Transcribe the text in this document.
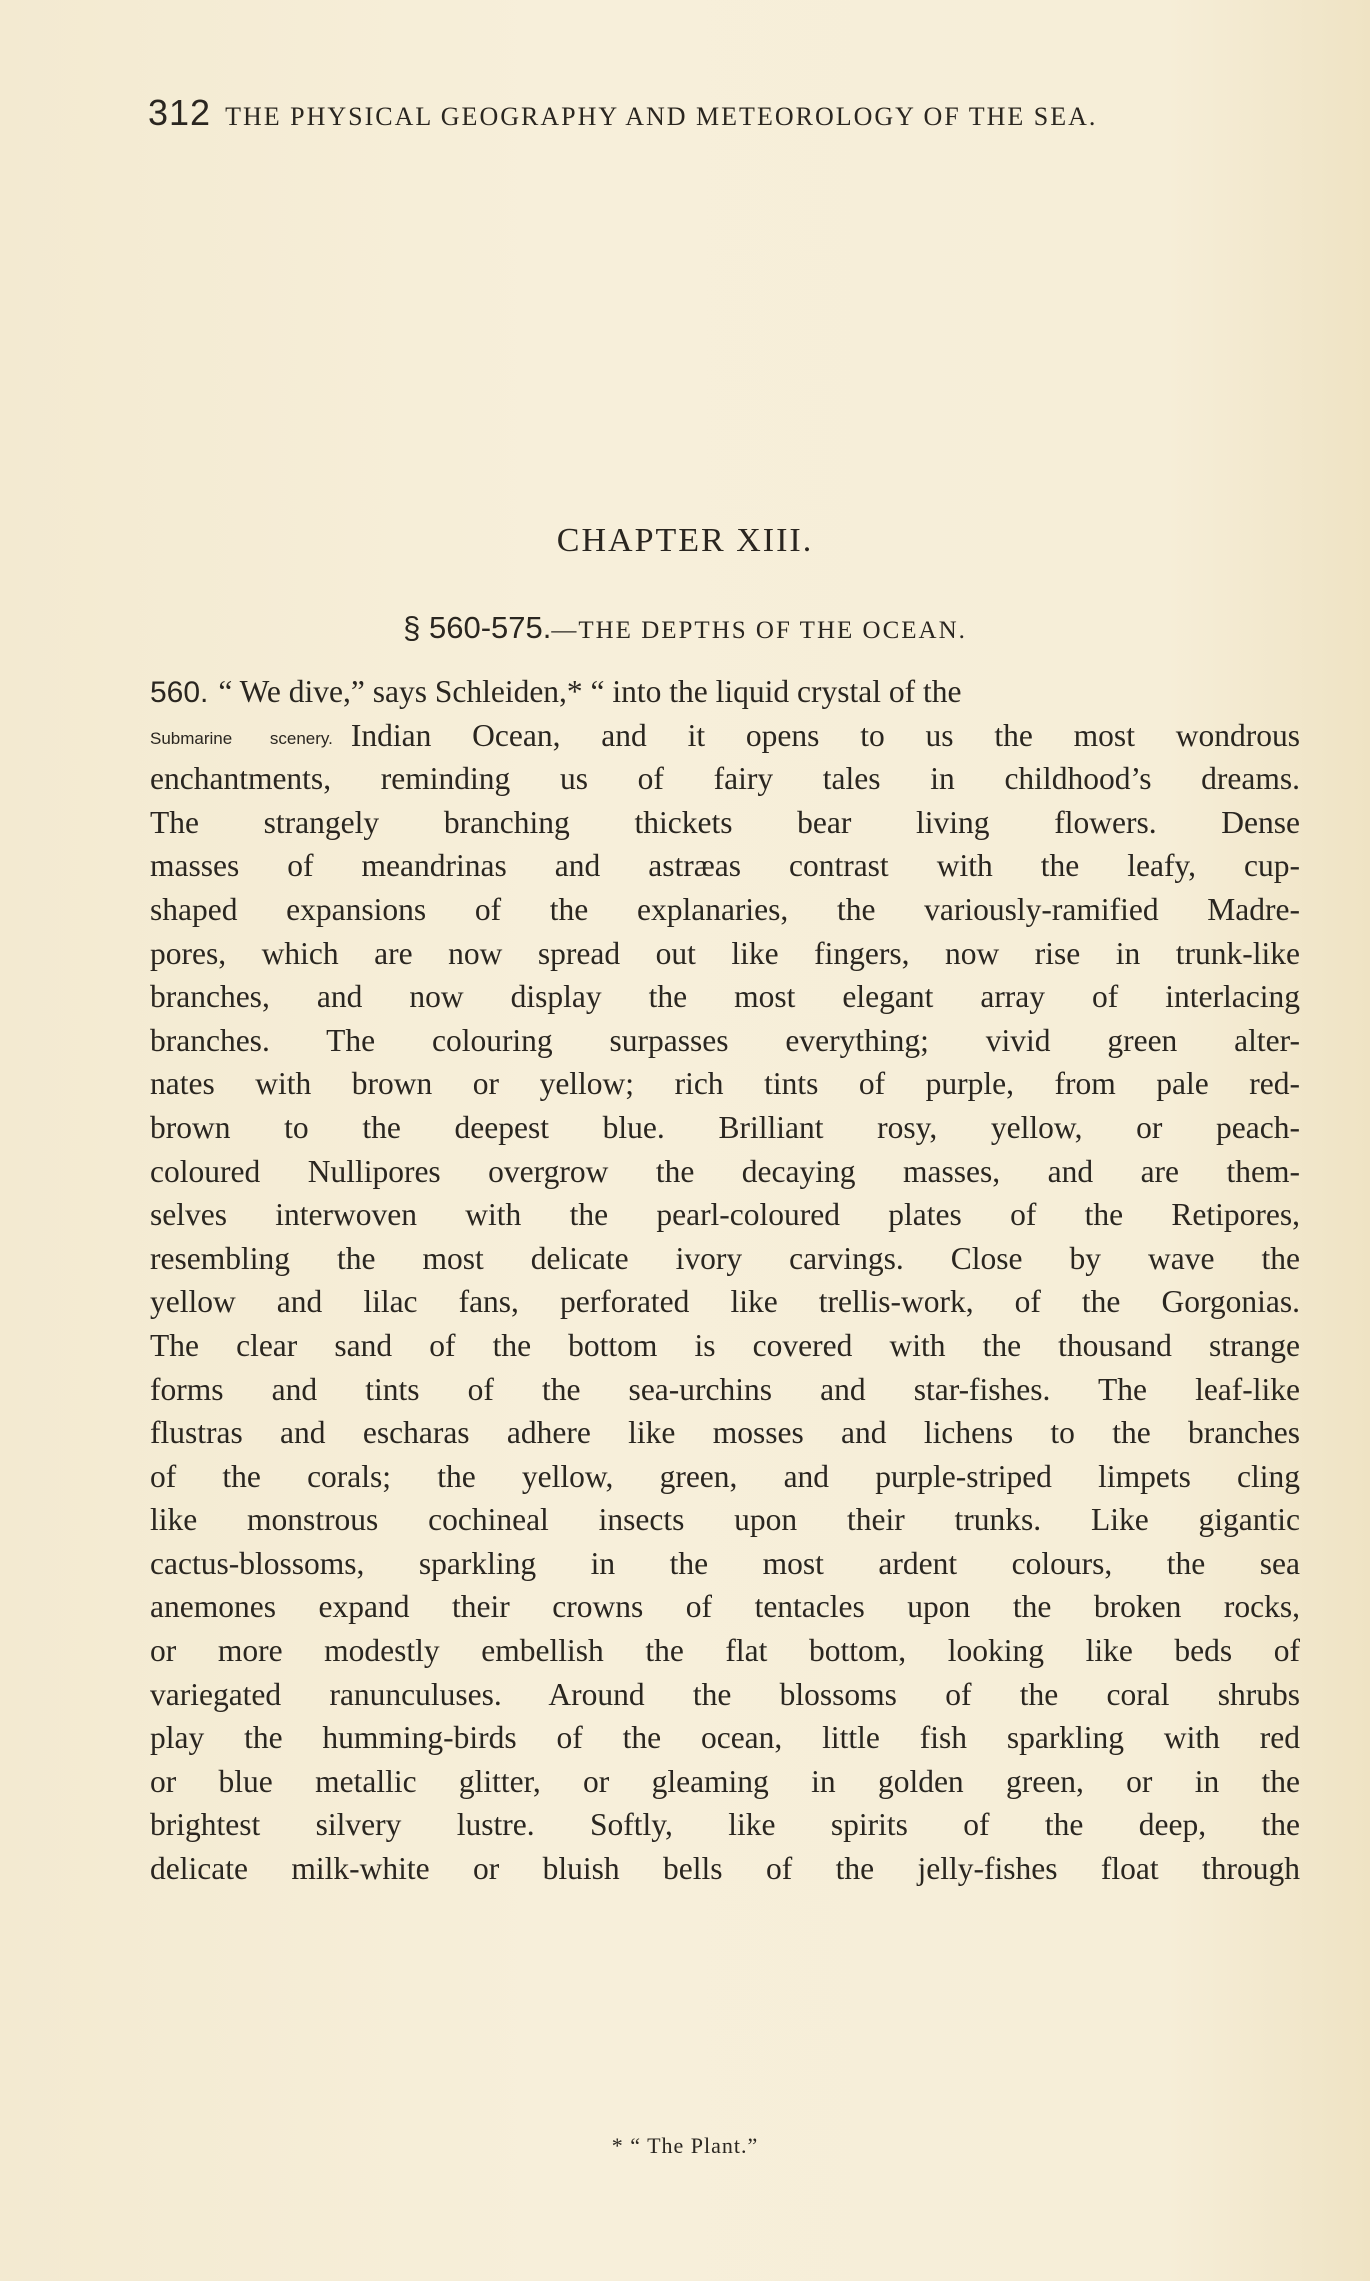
312 THE PHYSICAL GEOGRAPHY AND METEOROLOGY OF THE SEA.
CHAPTER XIII.
§ 560-575.—THE DEPTHS OF THE OCEAN.
560. “ We dive,” says Schleiden,* “ into the liquid crystal of the
Submarine scenery. Indian Ocean, and it opens to us the most wondrous
enchantments, reminding us of fairy tales in childhood’s dreams.
The strangely branching thickets bear living flowers. Dense
masses of meandrinas and astræas contrast with the leafy, cup-
shaped expansions of the explanaries, the variously-ramified Madre-
pores, which are now spread out like fingers, now rise in trunk-like
branches, and now display the most elegant array of interlacing
branches. The colouring surpasses everything; vivid green alter-
nates with brown or yellow; rich tints of purple, from pale red-
brown to the deepest blue. Brilliant rosy, yellow, or peach-
coloured Nullipores overgrow the decaying masses, and are them-
selves interwoven with the pearl-coloured plates of the Retipores,
resembling the most delicate ivory carvings. Close by wave the
yellow and lilac fans, perforated like trellis-work, of the Gorgonias.
The clear sand of the bottom is covered with the thousand strange
forms and tints of the sea-urchins and star-fishes. The leaf-like
flustras and escharas adhere like mosses and lichens to the branches
of the corals; the yellow, green, and purple-striped limpets cling
like monstrous cochineal insects upon their trunks. Like gigantic
cactus-blossoms, sparkling in the most ardent colours, the sea
anemones expand their crowns of tentacles upon the broken rocks,
or more modestly embellish the flat bottom, looking like beds of
variegated ranunculuses. Around the blossoms of the coral shrubs
play the humming-birds of the ocean, little fish sparkling with red
or blue metallic glitter, or gleaming in golden green, or in the
brightest silvery lustre. Softly, like spirits of the deep, the
delicate milk-white or bluish bells of the jelly-fishes float through
* “ The Plant.”
